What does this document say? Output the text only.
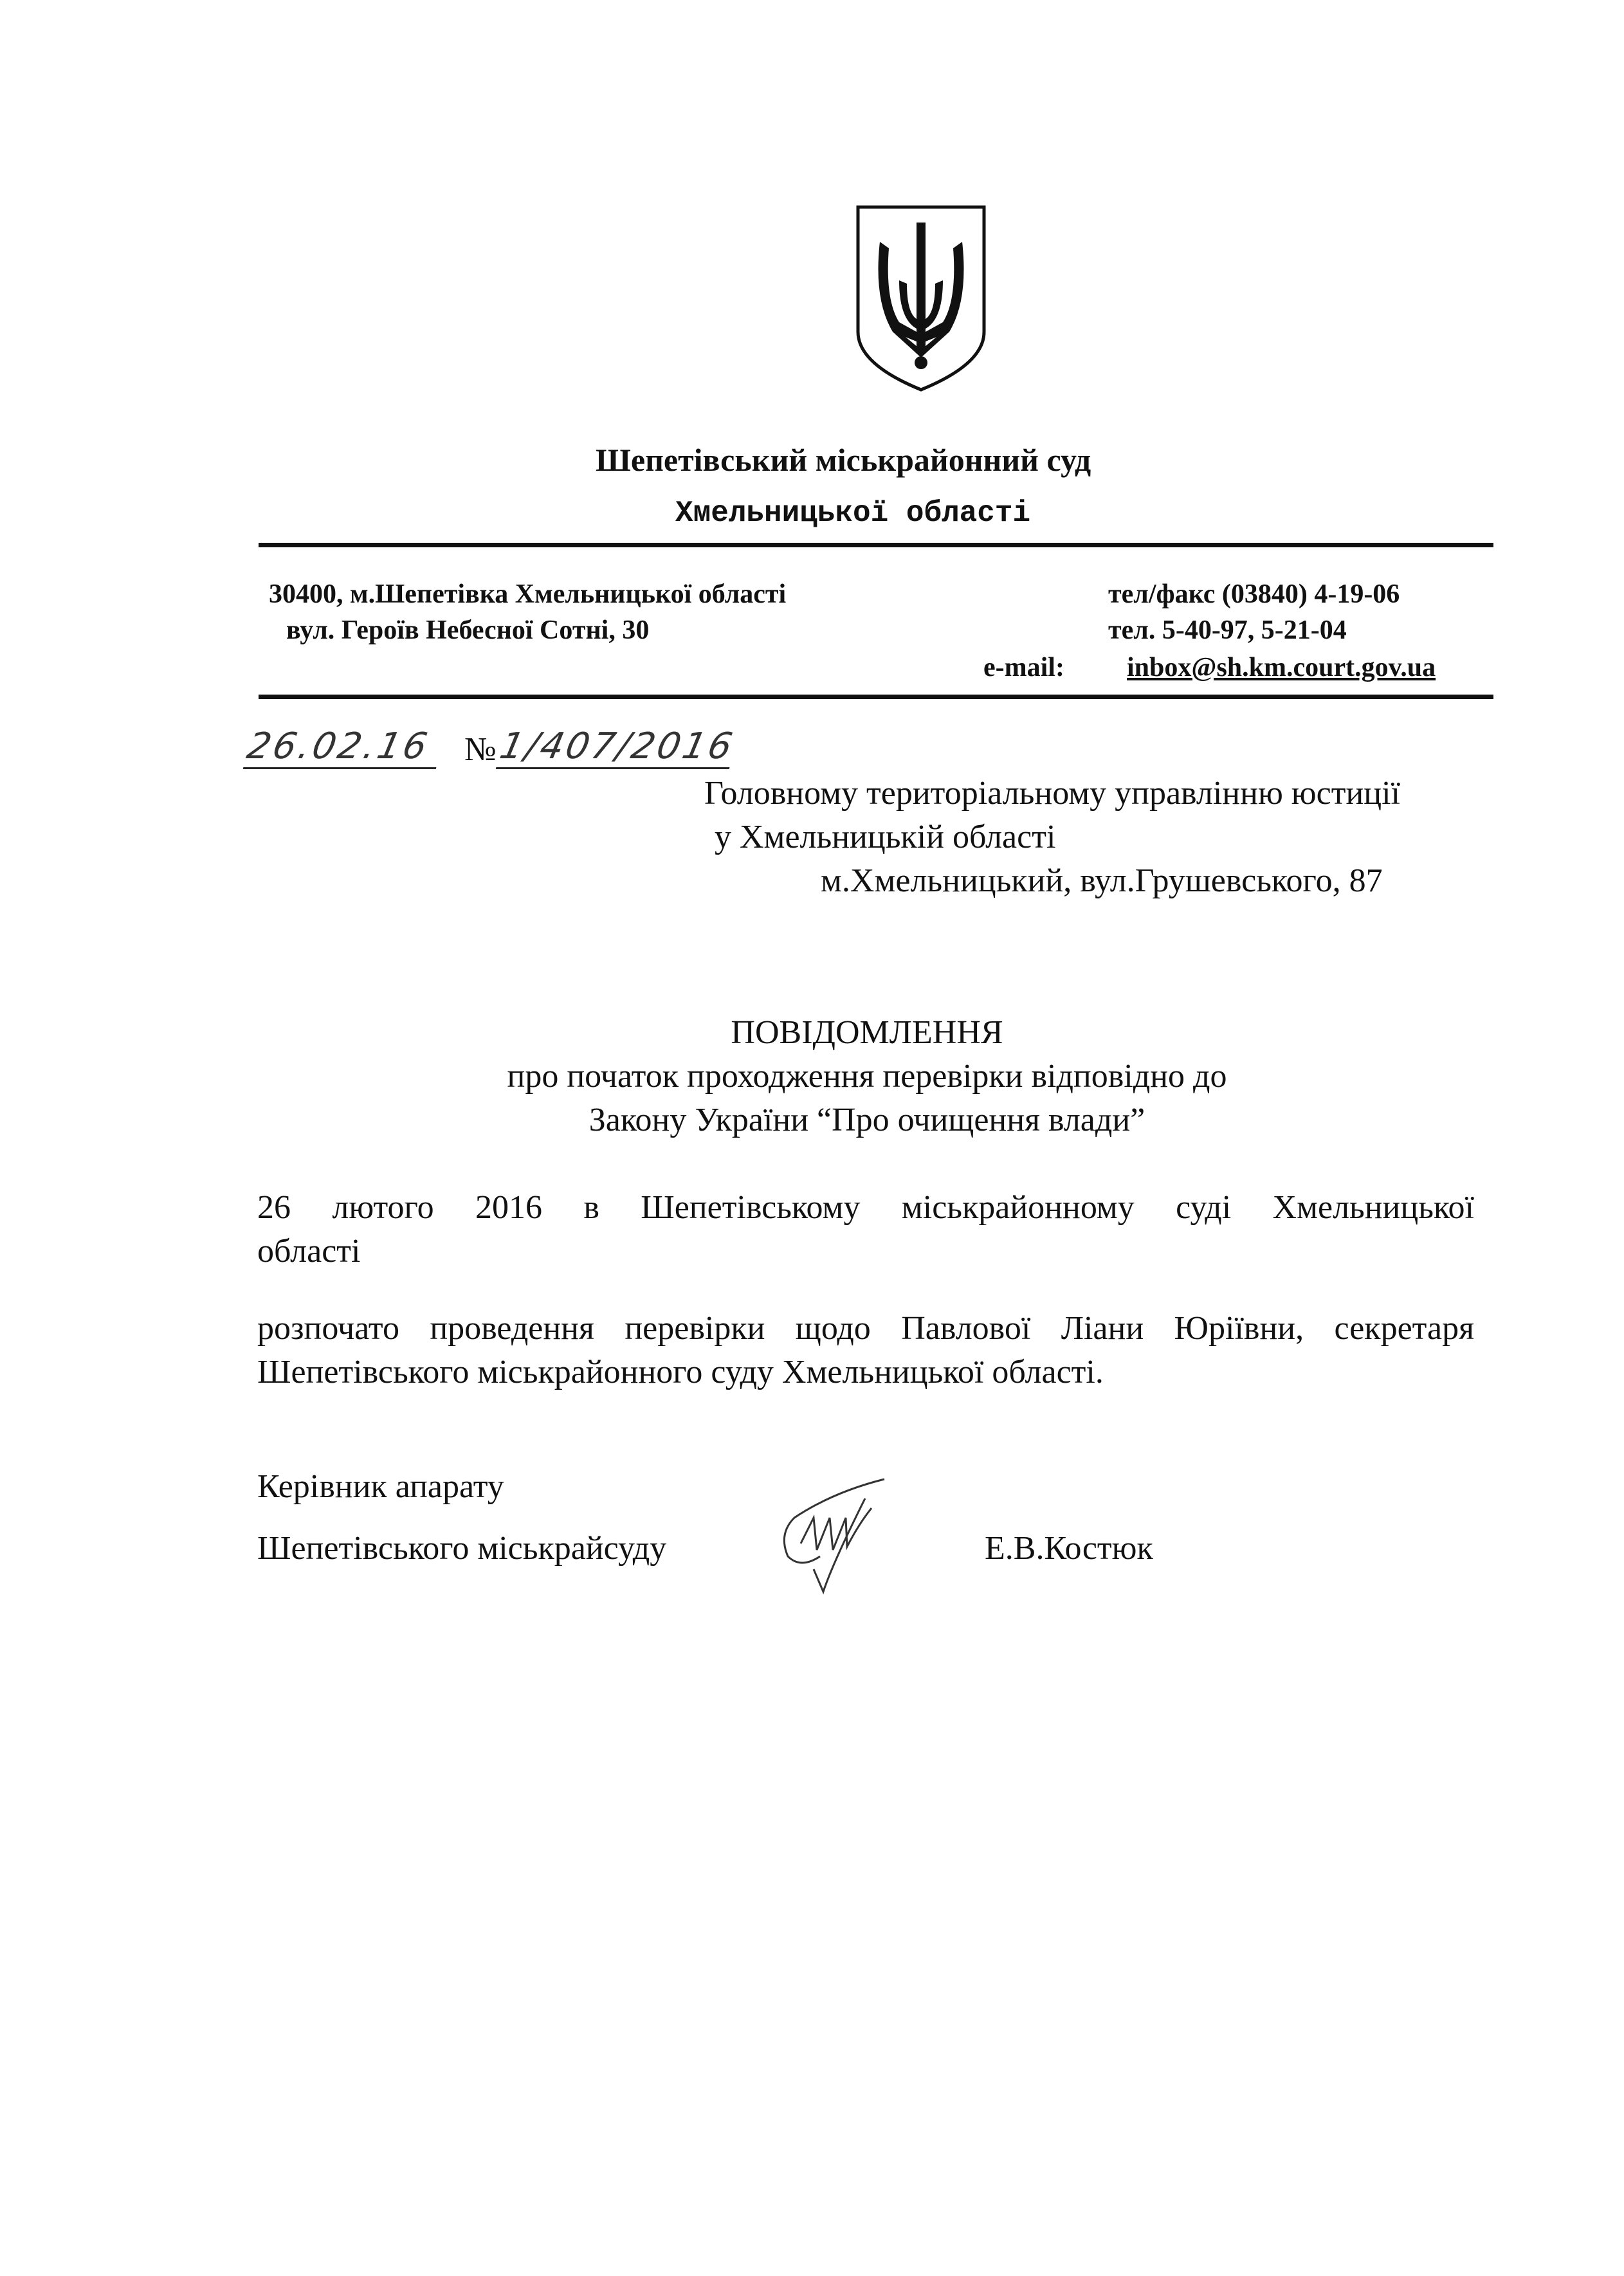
Шепетівський міськрайонний суд
Хмельницької області
30400, м.Шепетівка Хмельницької області
вул. Героїв Небесної Сотні, 30
тел/факс (03840) 4-19-06
тел. 5-40-97, 5-21-04
e-mail: inbox@sh.km.court.gov.ua
26.02.16 № 1/407/2016
Головному територіальному управлінню юстиції
у Хмельницькій області
м.Хмельницький, вул.Грушевського, 87
ПОВІДОМЛЕННЯ
про початок проходження перевірки відповідно до
Закону України “Про очищення влади”
26 лютого 2016 в Шепетівському міськрайонному суді Хмельницької
області
розпочато проведення перевірки щодо Павлової Ліани Юріївни, секретаря
Шепетівського міськрайонного суду Хмельницької області.
Керівник апарату
Шепетівського міськрайсуду	Е.В.Костюк
